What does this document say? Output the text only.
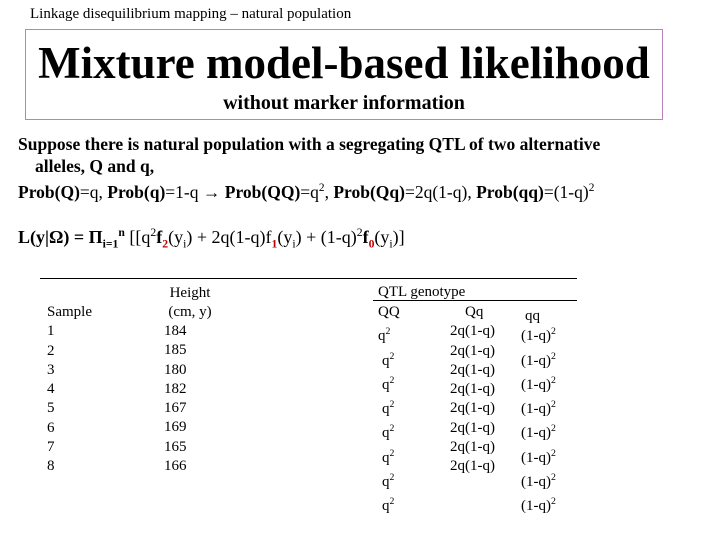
Linkage disequilibrium mapping – natural population
Mixture model-based likelihood
without marker information
Suppose there is natural population with a segregating QTL of two alternative
alleles, Q and q,
Prob(Q)=q, Prob(q)=1-q → $Prob(QQ)=q^2$, Prob(Qq)=2q(1-q), $Prob(qq)=(1-q)^2$
$L(y|\Omega) = \Pi_{i=1}^n$ [$[q^2f_2(y_i) + 2q(1-q)f_1(y_i) + (1-q)^2f_0(y_i)]$
Sample
1
2
3
4
5
6
7
8
Height
(cm, y)
184
185
180
182
167
169
165
166
QTL genotype
QQ
$q^2$
$q^2$
$q^2$
$q^2$
$q^2$
$q^2$
$q^2$
$q^2$
Qq
2q(1-q)
2q(1-q)
2q(1-q)
2q(1-q)
2q(1-q)
2q(1-q)
2q(1-q)
2q(1-q)
qq
$(1-q)^2$
$(1-q)^2$
$(1-q)^2$
$(1-q)^2$
$(1-q)^2$
$(1-q)^2$
$(1-q)^2$
$(1-q)^2$
